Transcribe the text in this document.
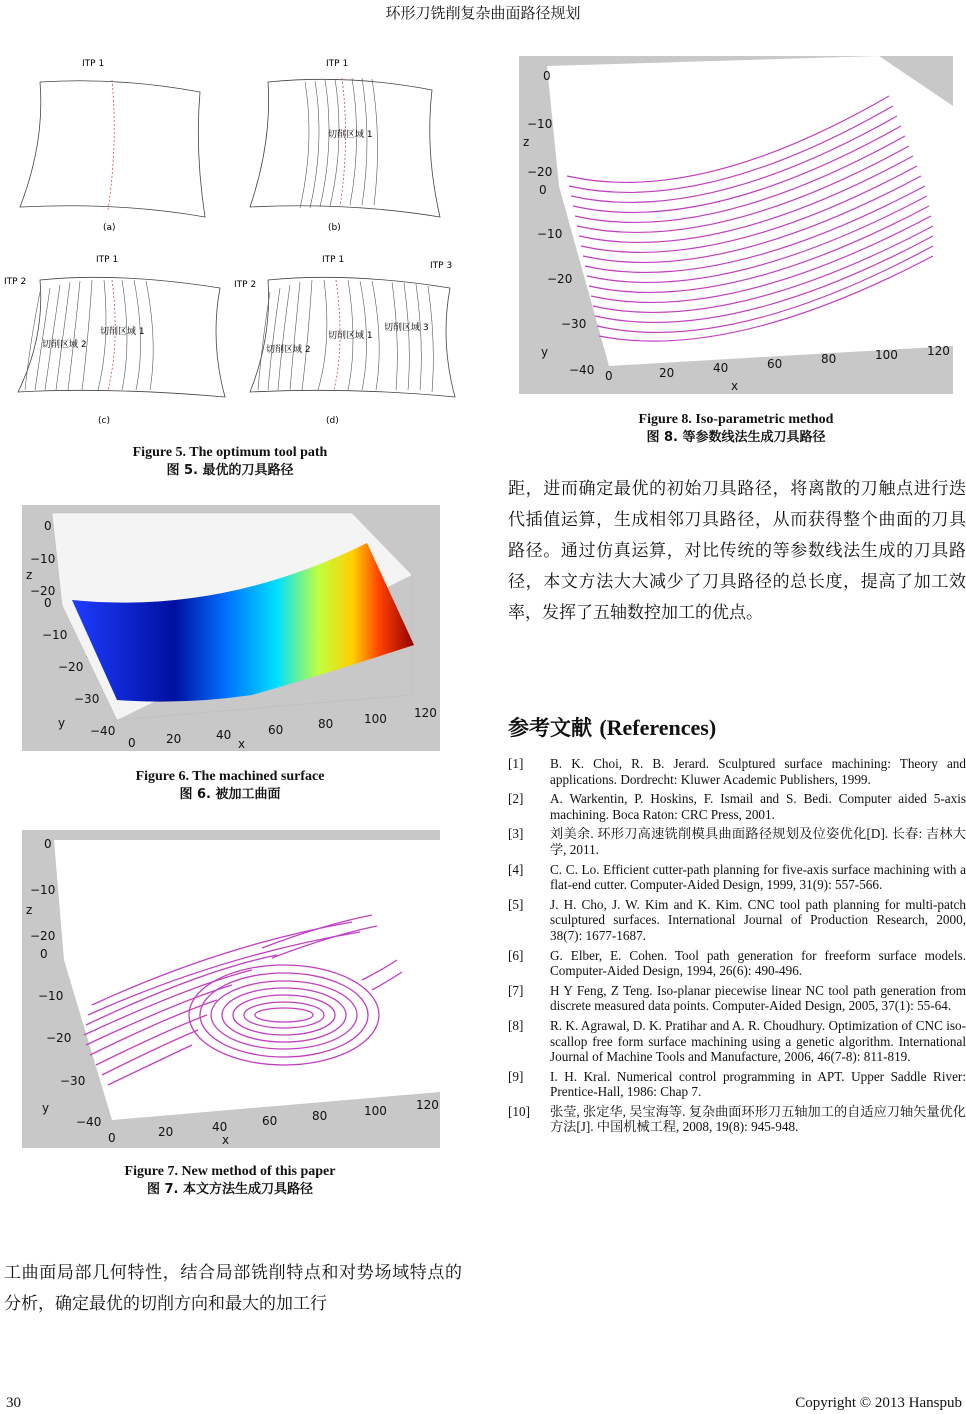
环形刀铣削复杂曲面路径规划
ITP 1
(a)
ITP 1
切削区域 1
(b)
ITP 1
ITP 2
切削区域 1
切削区域 2
(c)
ITP 1
ITP 2
ITP 3
切削区域 1
切削区域 2
切削区域 3
(d)
Figure 5. The optimum tool path
图 5. 最优的刀具路径
0
−10
−20
z
0
−10
−20
−30
−40
y
0	20	40	60	80	100 120
x
Figure 6. The machined surface
图 6. 被加工曲面
0
−10
−20
z
0
−10
−20
−30
−40
y
0	20	40	60	80	100 120
x
Figure 7. New method of this paper
图 7. 本文方法生成刀具路径
工曲面局部几何特性，结合局部铣削特点和对势场域特点的分析，确定最优的切削方向和最大的加工行
0
−10
−20
z
0
−10
−20
−30
−40
y
0	20	40	60	80	100 120
x
Figure 8. Iso-parametric method
图 8. 等参数线法生成刀具路径
距，进而确定最优的初始刀具路径，将离散的刀触点进行迭代插值运算，生成相邻刀具路径，从而获得整个曲面的刀具路径。通过仿真运算，对比传统的等参数线法生成的刀具路径，本文方法大大减少了刀具路径的总长度，提高了加工效率，发挥了五轴数控加工的优点。
参考文献 (References)
[1] B. K. Choi, R. B. Jerard. Sculptured surface machining: Theory and applications. Dordrecht: Kluwer Academic Publishers, 1999.
[2] A. Warkentin, P. Hoskins, F. Ismail and S. Bedi. Computer aided 5-axis machining. Boca Raton: CRC Press, 2001.
[3] 刘美余. 环形刀高速铣削模具曲面路径规划及位姿优化[D]. 长春: 吉林大学, 2011.
[4] C. C. Lo. Efficient cutter-path planning for five-axis surface machining with a flat-end cutter. Computer-Aided Design, 1999, 31(9): 557-566.
[5] J. H. Cho, J. W. Kim and K. Kim. CNC tool path planning for multi-patch sculptured surfaces. International Journal of Production Research, 2000, 38(7): 1677-1687.
[6] G. Elber, E. Cohen. Tool path generation for freeform surface models. Computer-Aided Design, 1994, 26(6): 490-496.
[7] H Y Feng, Z Teng. Iso-planar piecewise linear NC tool path generation from discrete measured data points. Computer-Aided Design, 2005, 37(1): 55-64.
[8] R. K. Agrawal, D. K. Pratihar and A. R. Choudhury. Optimization of CNC iso-scallop free form surface machining using a genetic algorithm. International Journal of Machine Tools and Manufacture, 2006, 46(7-8): 811-819.
[9] I. H. Kral. Numerical control programming in APT. Upper Saddle River: Prentice-Hall, 1986: Chap 7.
[10] 张莹, 张定华, 吴宝海等. 复杂曲面环形刀五轴加工的自适应刀轴矢量优化方法[J]. 中国机械工程, 2008, 19(8): 945-948.
30	Copyright © 2013 Hanspub
